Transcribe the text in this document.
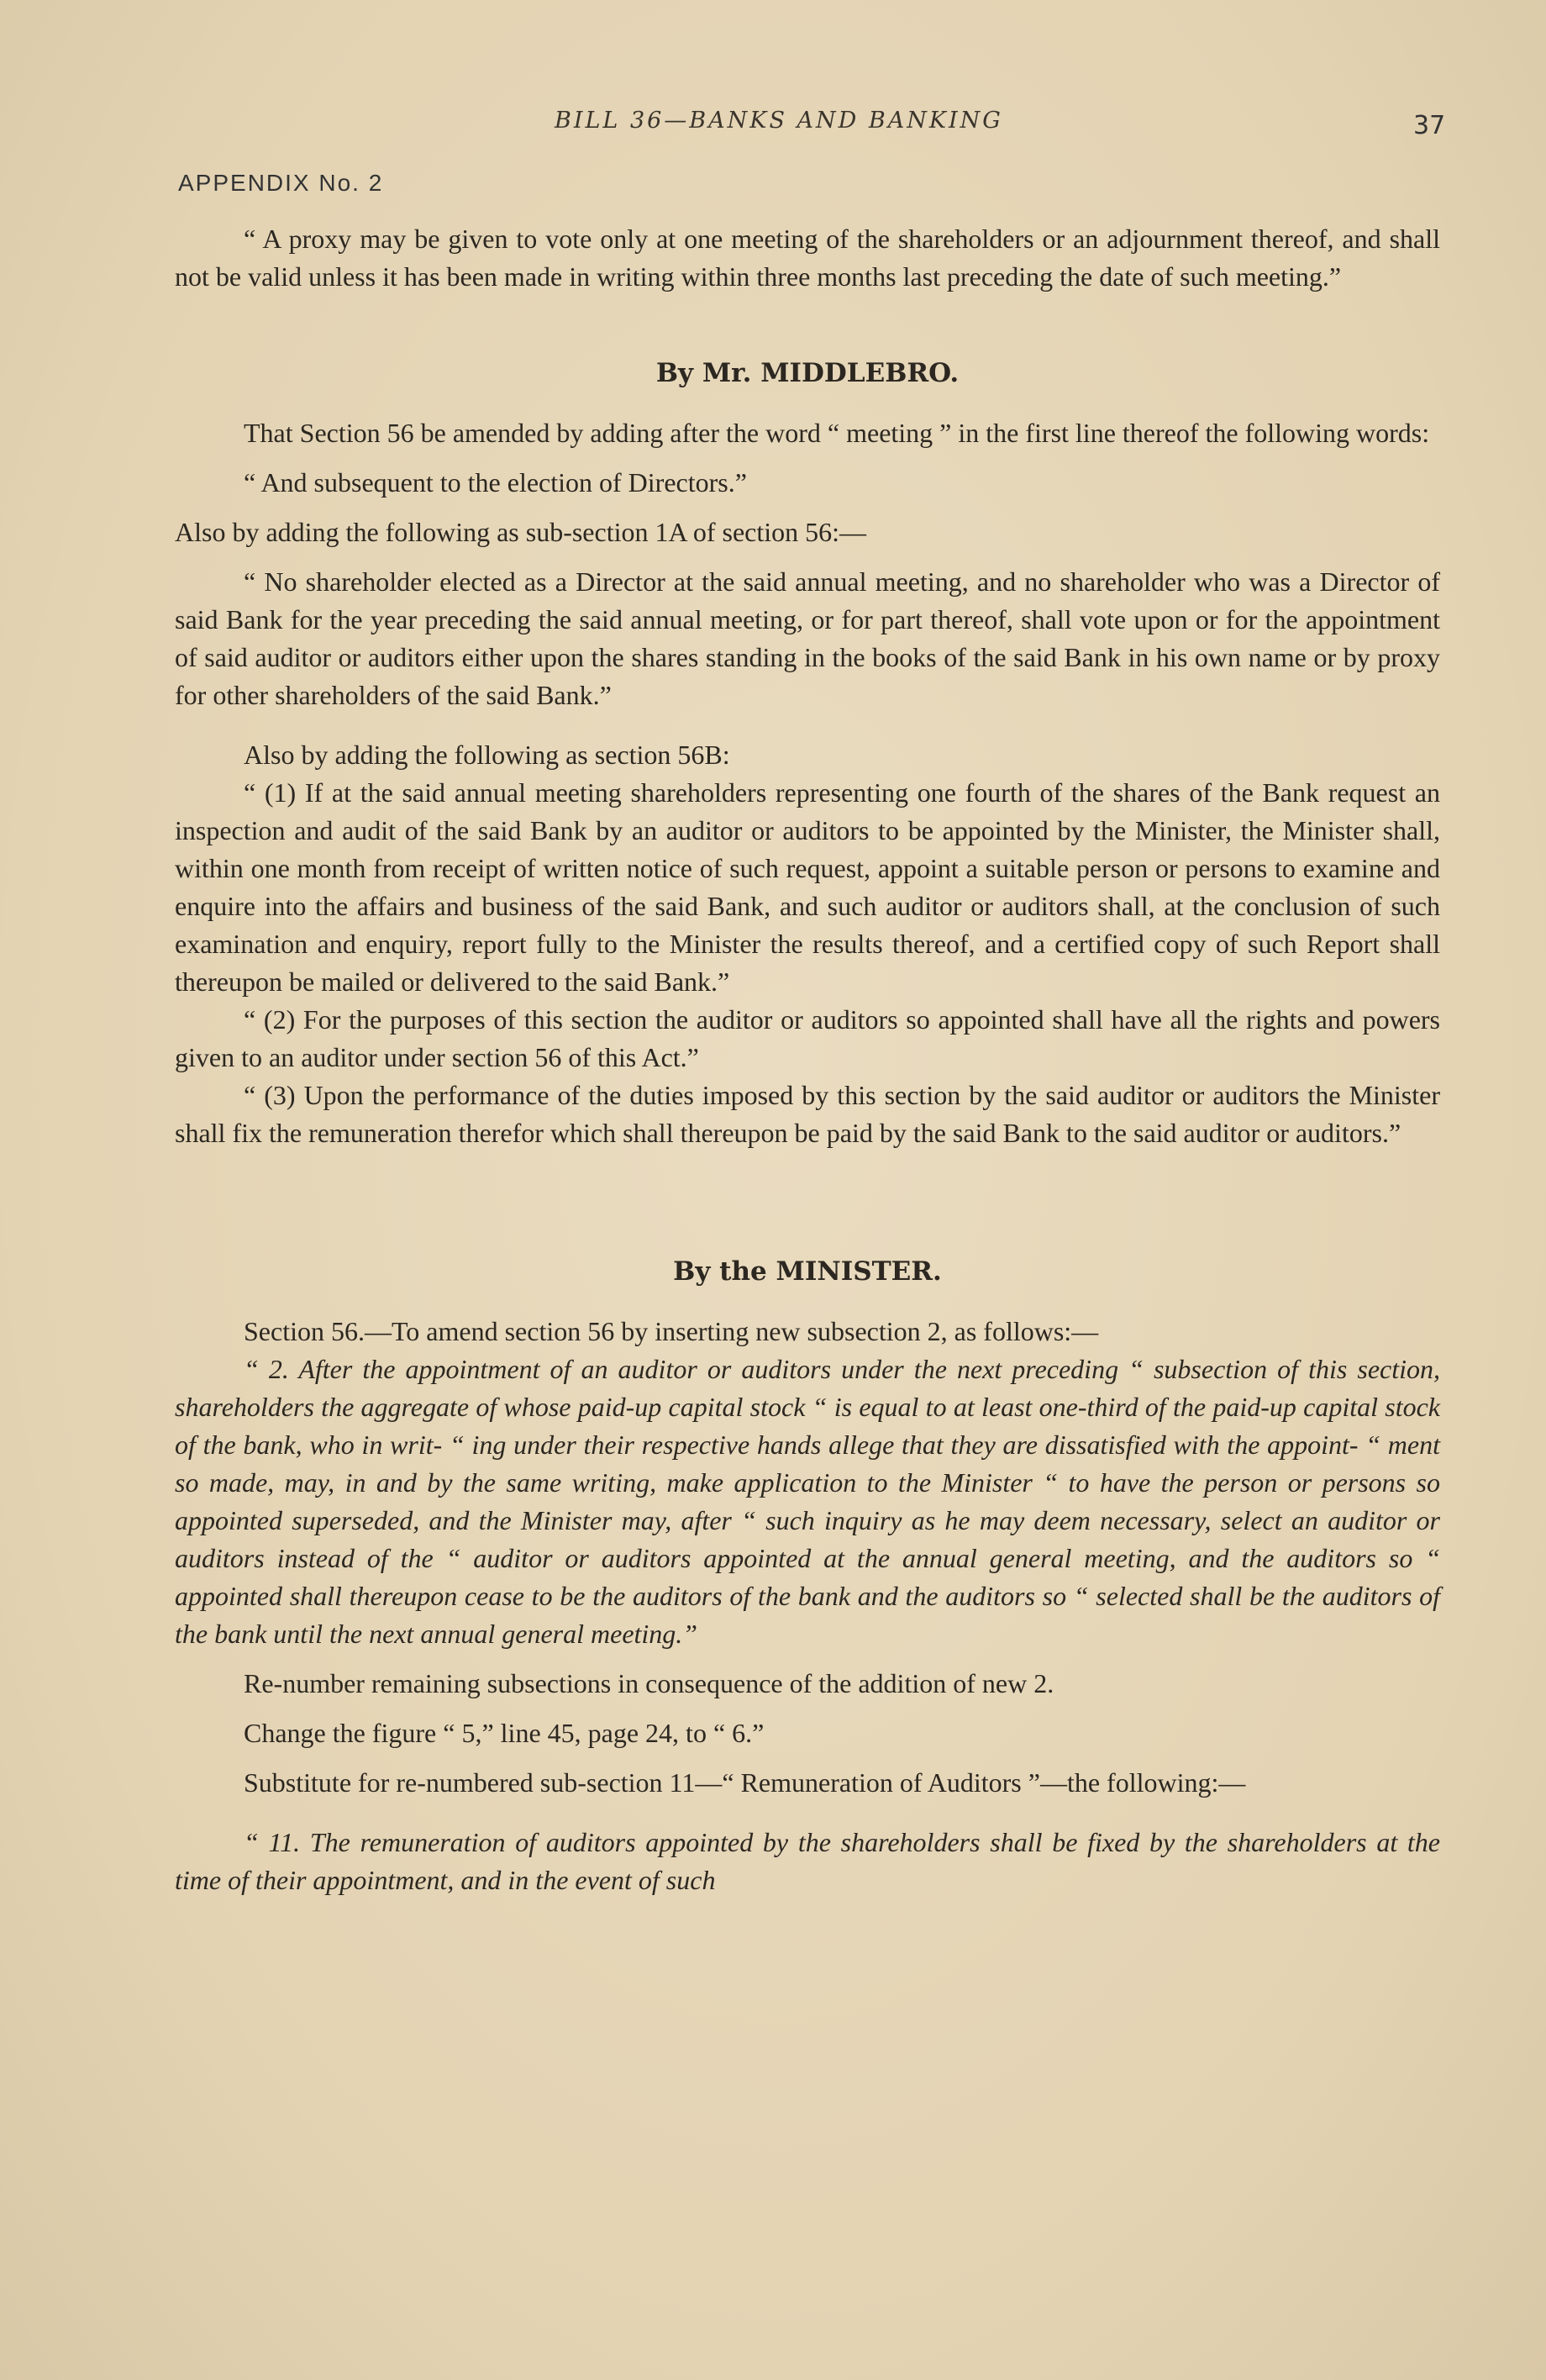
BILL 36—BANKS AND BANKING	37
APPENDIX No. 2

“ A proxy may be given to vote only at one meeting of the shareholders or an adjournment thereof, and shall not be valid unless it has been made in writing within three months last preceding the date of such meeting.”

By Mr. MIDDLEBRO.

That Section 56 be amended by adding after the word “ meeting ” in the first line thereof the following words:

“ And subsequent to the election of Directors.”

Also by adding the following as sub-section 1A of section 56:—

“ No shareholder elected as a Director at the said annual meeting, and no shareholder who was a Director of said Bank for the year preceding the said annual meeting, or for part thereof, shall vote upon or for the appointment of said auditor or auditors either upon the shares standing in the books of the said Bank in his own name or by proxy for other shareholders of the said Bank.”

Also by adding the following as section 56B:

“ (1) If at the said annual meeting shareholders representing one fourth of the shares of the Bank request an inspection and audit of the said Bank by an auditor or auditors to be appointed by the Minister, the Minister shall, within one month from receipt of written notice of such request, appoint a suitable person or persons to examine and enquire into the affairs and business of the said Bank, and such auditor or auditors shall, at the conclusion of such examination and enquiry, report fully to the Minister the results thereof, and a certified copy of such Report shall thereupon be mailed or delivered to the said Bank.”

“ (2) For the purposes of this section the auditor or auditors so appointed shall have all the rights and powers given to an auditor under section 56 of this Act.”

“ (3) Upon the performance of the duties imposed by this section by the said auditor or auditors the Minister shall fix the remuneration therefor which shall thereupon be paid by the said Bank to the said auditor or auditors.”

By the MINISTER.

Section 56.—To amend section 56 by inserting new subsection 2, as follows:—

“ 2. After the appointment of an auditor or auditors under the next preceding “ subsection of this section, shareholders the aggregate of whose paid-up capital stock “ is equal to at least one-third of the paid-up capital stock of the bank, who in writ- “ ing under their respective hands allege that they are dissatisfied with the appoint- “ ment so made, may, in and by the same writing, make application to the Minister “ to have the person or persons so appointed superseded, and the Minister may, after “ such inquiry as he may deem necessary, select an auditor or auditors instead of the “ auditor or auditors appointed at the annual general meeting, and the auditors so “ appointed shall thereupon cease to be the auditors of the bank and the auditors so “ selected shall be the auditors of the bank until the next annual general meeting.”

Re-number remaining subsections in consequence of the addition of new 2.

Change the figure “ 5,” line 45, page 24, to “ 6.”

Substitute for re-numbered sub-section 11—“ Remuneration of Auditors ”—the following:—

“ 11. The remuneration of auditors appointed by the shareholders shall be fixed by the shareholders at the time of their appointment, and in the event of such
